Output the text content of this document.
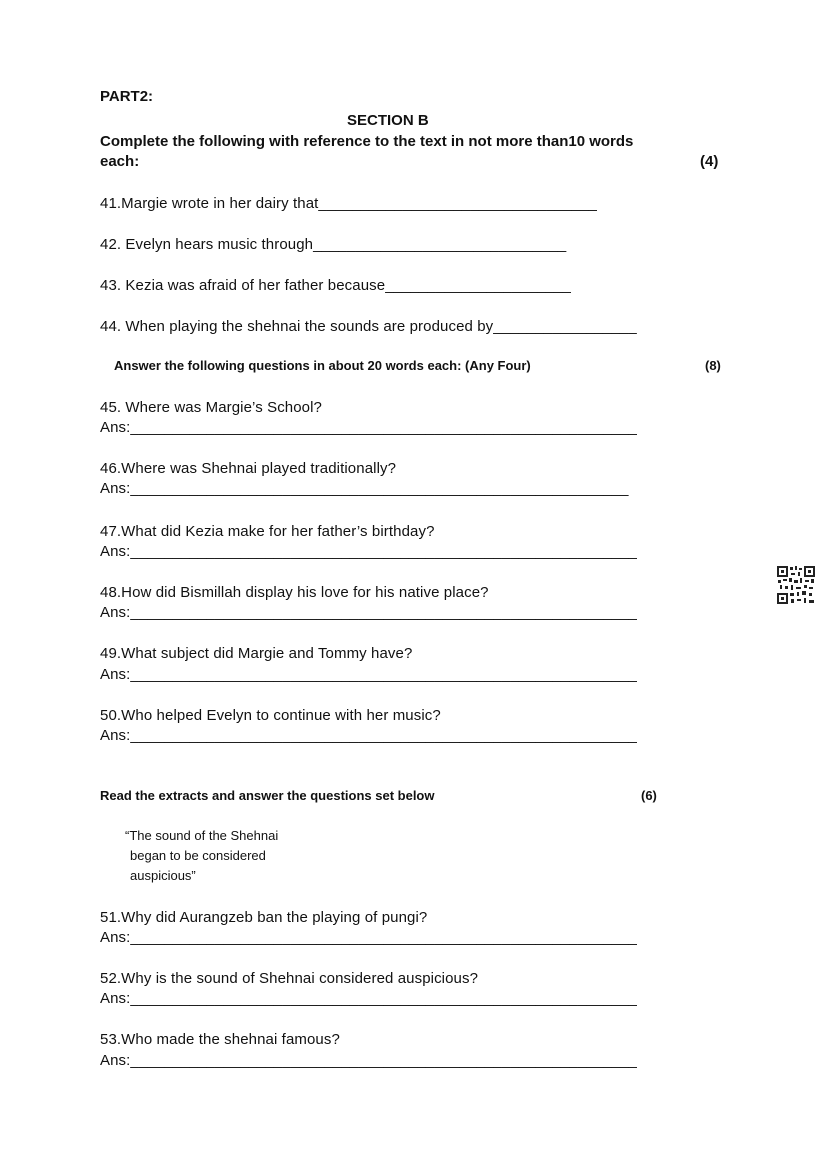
PART2:
SECTION B
Complete the following with reference to the text in not more than10 words
each:	(4)
41.Margie wrote in her dairy that_________________________________
42. Evelyn hears music through______________________________
43. Kezia was afraid of her father because______________________
44. When playing the shehnai the sounds are produced by_________________
Answer the following questions in about 20 words each: (Any Four)	(8)
45. Where was Margie’s School?
Ans:____________________________________________________________
46.Where was Shehnai played traditionally?
Ans:___________________________________________________________
47.What did Kezia make for her father’s birthday?
Ans:____________________________________________________________
48.How did Bismillah display his love for his native place?
Ans:____________________________________________________________
49.What subject did Margie and Tommy have?
Ans:____________________________________________________________
50.Who helped Evelyn to continue with her music?
Ans:____________________________________________________________
Read the extracts and answer the questions set below	(6)
“The sound of the Shehnai
began to be considered
auspicious”
51.Why did Aurangzeb ban the playing of pungi?
Ans:____________________________________________________________
52.Why is the sound of Shehnai considered auspicious?
Ans:____________________________________________________________
53.Who made the shehnai famous?
Ans:____________________________________________________________
